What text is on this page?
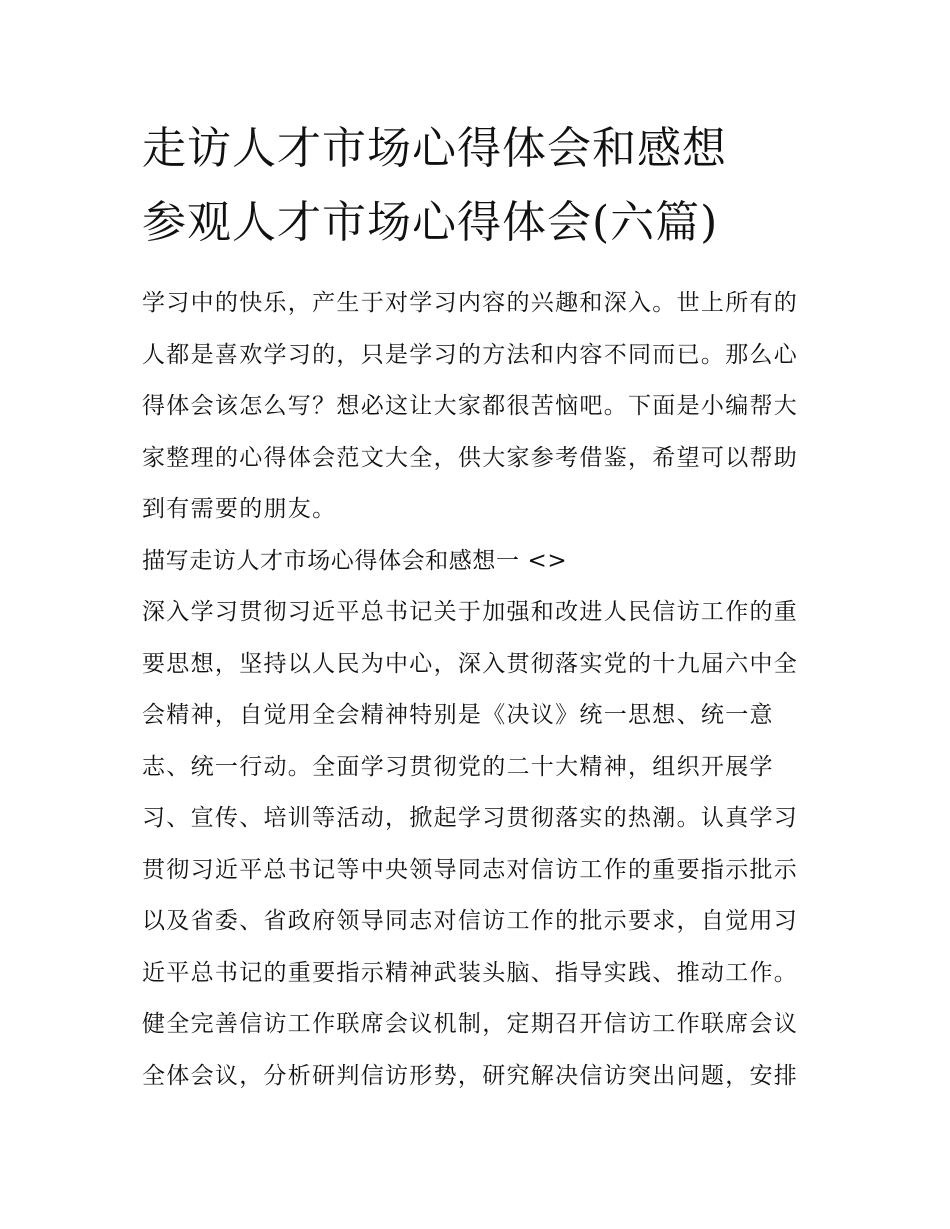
走访人才市场心得体会和感想
参观人才市场心得体会(六篇)
学习中的快乐，产生于对学习内容的兴趣和深入。世上所有的
人都是喜欢学习的，只是学习的方法和内容不同而已。那么心
得体会该怎么写？想必这让大家都很苦恼吧。下面是小编帮大
家整理的心得体会范文大全，供大家参考借鉴，希望可以帮助
到有需要的朋友。
描写走访人才市场心得体会和感想一 <>
深入学习贯彻习近平总书记关于加强和改进人民信访工作的重
要思想，坚持以人民为中心，深入贯彻落实党的十九届六中全
会精神，自觉用全会精神特别是《决议》统一思想、统一意
志、统一行动。全面学习贯彻党的二十大精神，组织开展学
习、宣传、培训等活动，掀起学习贯彻落实的热潮。认真学习
贯彻习近平总书记等中央领导同志对信访工作的重要指示批示
以及省委、省政府领导同志对信访工作的批示要求，自觉用习
近平总书记的重要指示精神武装头脑、指导实践、推动工作。
健全完善信访工作联席会议机制，定期召开信访工作联席会议
全体会议，分析研判信访形势，研究解决信访突出问题，安排
